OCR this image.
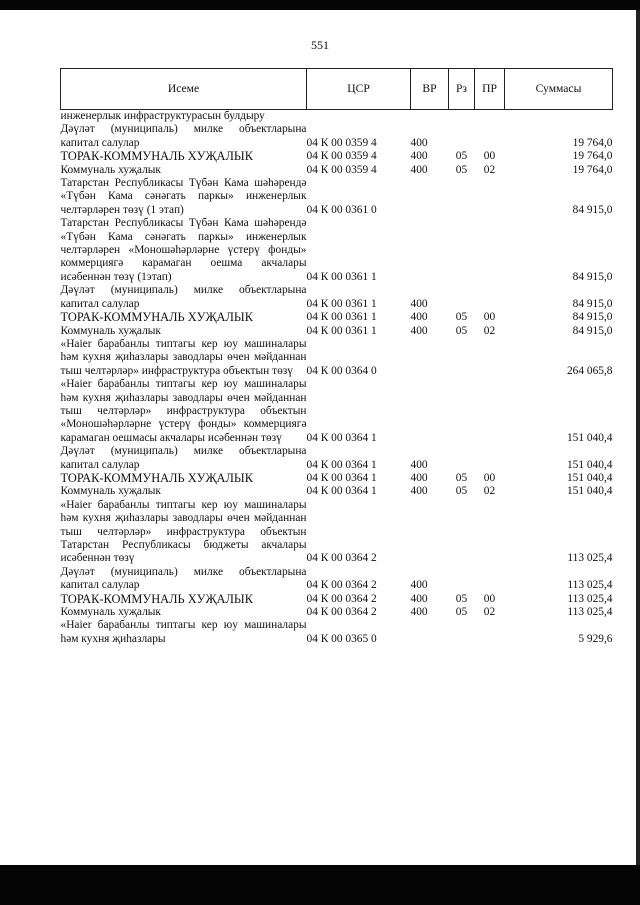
551
Исеме	ЦСР	ВР	Рз	ПР	Суммасы
инженерлык инфраструктурасын булдыру					
Дәүләт (муниципаль) милке объектларына капитал салулар	04 К 00 0359 4	400			19 764,0
ТОРАК-КОММУНАЛЬ ХУҖАЛЫК	04 К 00 0359 4	400	05	00	19 764,0
Коммуналь хуҗалык	04 К 00 0359 4	400	05	02	19 764,0
Татарстан Республикасы Түбән Кама шәһәрендә «Түбән Кама сәнәгать паркы» инженерлык челтәрләрен төзү (1 этап)	04 К 00 0361 0				84 915,0
Татарстан Республикасы Түбән Кама шәһәрендә «Түбән Кама сәнәгать паркы» инженерлык челтәрләрен «Моношәһәрләрне үстерү фонды» коммерциягә карамаган оешма акчалары исәбеннән төзү (1этап)	04 К 00 0361 1				84 915,0
Дәүләт (муниципаль) милке объектларына капитал салулар	04 К 00 0361 1	400			84 915,0
ТОРАК-КОММУНАЛЬ ХУҖАЛЫК	04 К 00 0361 1	400	05	00	84 915,0
Коммуналь хуҗалык	04 К 00 0361 1	400	05	02	84 915,0
«Haier барабанлы типтагы кер юу машиналары һәм кухня җиһазлары заводлары өчен мәйданнан тыш челтәрләр» инфраструктура объектын төзү	04 К 00 0364 0				264 065,8
«Haier барабанлы типтагы кер юу машиналары һәм кухня җиһазлары заводлары өчен мәйданнан тыш челтәрләр» инфраструктура объектын «Моношәһәрләрне үстерү фонды» коммерциягә карамаган оешмасы акчалары исәбеннән төзү	04 К 00 0364 1				151 040,4
Дәүләт (муниципаль) милке объектларына капитал салулар	04 К 00 0364 1	400			151 040,4
ТОРАК-КОММУНАЛЬ ХУҖАЛЫК	04 К 00 0364 1	400	05	00	151 040,4
Коммуналь хуҗалык	04 К 00 0364 1	400	05	02	151 040,4
«Haier барабанлы типтагы кер юу машиналары һәм кухня җиһазлары заводлары өчен мәйданнан тыш челтәрләр» инфраструктура объектын Татарстан Республикасы бюджеты акчалары исәбеннән төзү	04 К 00 0364 2				113 025,4
Дәүләт (муниципаль) милке объектларына капитал салулар	04 К 00 0364 2	400			113 025,4
ТОРАК-КОММУНАЛЬ ХУҖАЛЫК	04 К 00 0364 2	400	05	00	113 025,4
Коммуналь хуҗалык	04 К 00 0364 2	400	05	02	113 025,4
«Haier барабанлы типтагы кер юу машиналары һәм кухня җиһазлары	04 К 00 0365 0				5 929,6
